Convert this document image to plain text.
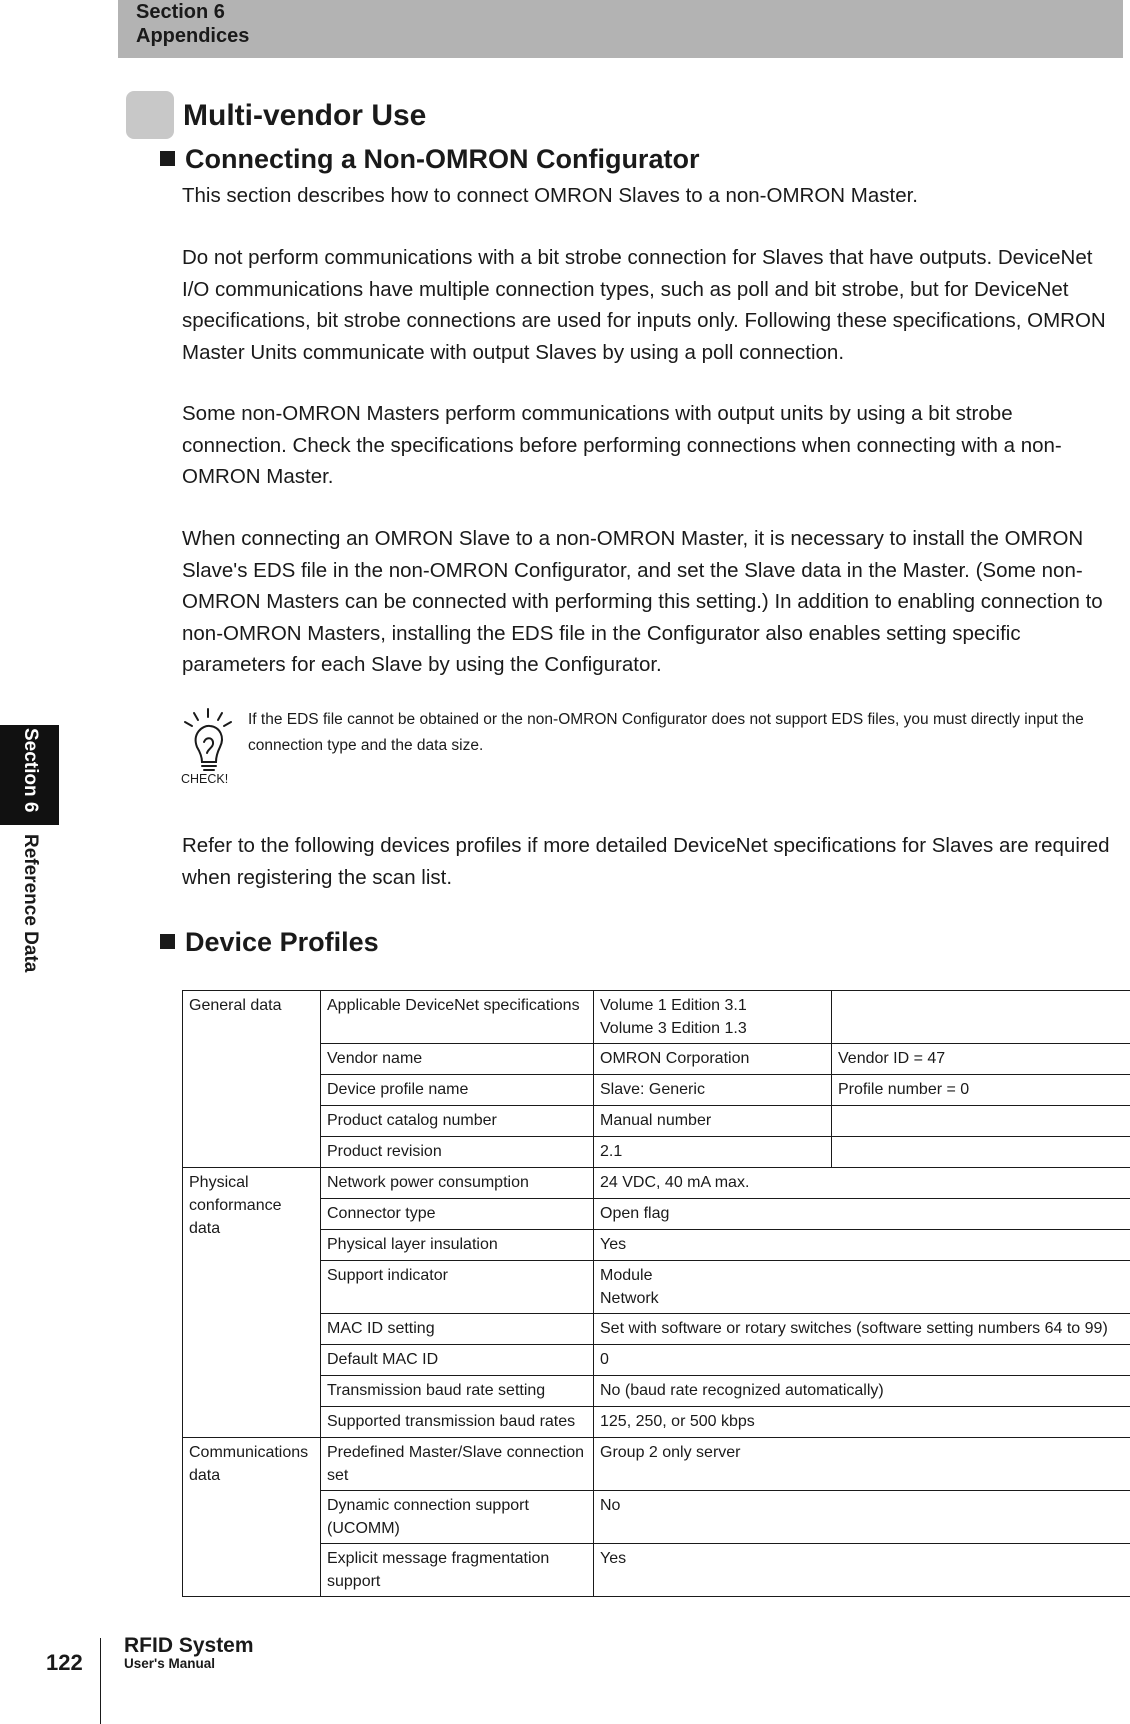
Section 6
Appendices
Section 6Reference Data
Multi-vendor Use
Connecting a Non-OMRON Configurator

This section describes how to connect OMRON Slaves to a non-OMRON Master.

Do not perform communications with a bit strobe connection for Slaves that have outputs. DeviceNet I/O communications have multiple connection types, such as poll and bit strobe, but for DeviceNet specifications, bit strobe connections are used for inputs only. Following these specifications, OMRON Master Units communicate with output Slaves by using a poll connection.

Some non-OMRON Masters perform communications with output units by using a bit strobe connection. Check the specifications before performing connections when connecting with a non-OMRON Master.

When connecting an OMRON Slave to a non-OMRON Master, it is necessary to install the OMRON Slave's EDS file in the non-OMRON Configurator, and set the Slave data in the Master. (Some non-OMRON Masters can be connected with performing this setting.) In addition to enabling connection to non-OMRON Masters, installing the EDS file in the Configurator also enables setting specific parameters for each Slave by using the Configurator.

CHECK!

If the EDS file cannot be obtained or the non-OMRON Configurator does not support EDS files, you must directly input the connection type and the data size.

Refer to the following devices profiles if more detailed DeviceNet specifications for Slaves are required when registering the scan list.

Device Profiles
General data	Applicable DeviceNet specifications	Volume 1 Edition 3.1
Volume 3 Edition 1.3	

	Vendor name	OMRON Corporation	Vendor ID = 47
	Device profile name	Slave: Generic	Profile number = 0
	Product catalog number	Manual number	
	Product revision	2.1	
Physical conformance data	Network power consumption	24 VDC, 40 mA max.	
	Connector type	Open flag	
	Physical layer insulation	Yes	
	Support indicator	Module
Network	

	MAC ID setting	Set with software or rotary switches (software setting numbers 64 to 99)	
	Default MAC ID	0	
	Transmission baud rate setting	No (baud rate recognized automatically)	
	Supported transmission baud rates	125, 250, or 500 kbps	
Communications data	Predefined Master/Slave connection set	Group 2 only server	
	Dynamic connection support (UCOMM)	No	
	Explicit message fragmentation support	Yes	
122
RFID System
User's Manual
